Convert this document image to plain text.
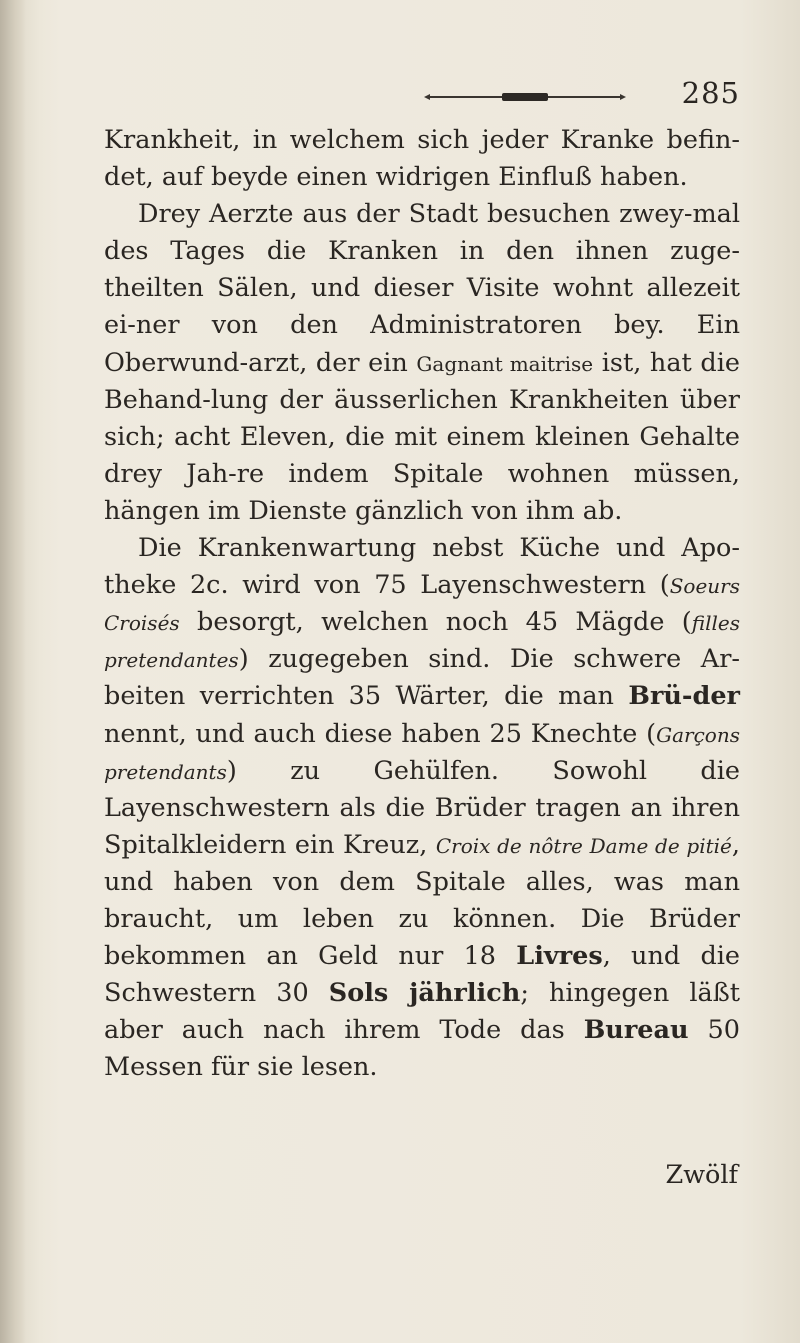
285

Krankheit, in welchem sich jeder Kranke befin-det, auf beyde einen widrigen Einfluß haben.

Drey Aerzte aus der Stadt besuchen zwey-mal des Tages die Kranken in den ihnen zuge-theilten Sälen, und dieser Visite wohnt allezeit ei-ner von den Administratoren bey. Ein Oberwund-arzt, der ein Gagnant maitrise ist, hat die Behand-lung der äusserlichen Krankheiten über sich; acht Eleven, die mit einem kleinen Gehalte drey Jah-re indem Spitale wohnen müssen, hängen im Dienste gänzlich von ihm ab.

Die Krankenwartung nebst Küche und Apo-theke 2c. wird von 75 Layenschwestern (Soeurs Croisés besorgt, welchen noch 45 Mägde (filles pretendantes) zugegeben sind. Die schwere Ar-beiten verrichten 35 Wärter, die man Brü-der nennt, und auch diese haben 25 Knechte (Garçons pretendants) zu Gehülfen. Sowohl die Layenschwestern als die Brüder tragen an ihren Spitalkleidern ein Kreuz, Croix de nôtre Dame de pitié, und haben von dem Spitale alles, was man braucht, um leben zu können. Die Brüder bekommen an Geld nur 18 Livres, und die Schwestern 30 Sols jährlich; hingegen läßt aber auch nach ihrem Tode das Bureau 50 Messen für sie lesen.

Zwölf
